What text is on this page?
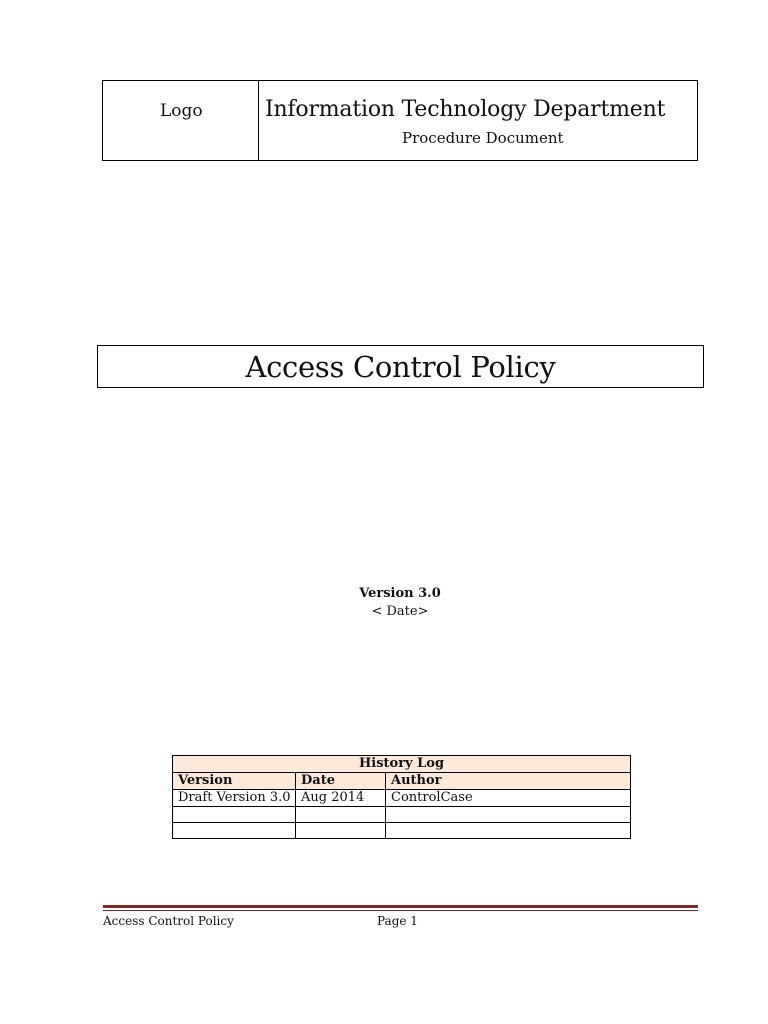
Logo	Information Technology Department
Procedure Document
Access Control Policy
Version 3.0
< Date>
History Log		
Version	Date	Author
Draft Version 3.0	Aug 2014	ControlCase

Access Control Policy	Page 1
